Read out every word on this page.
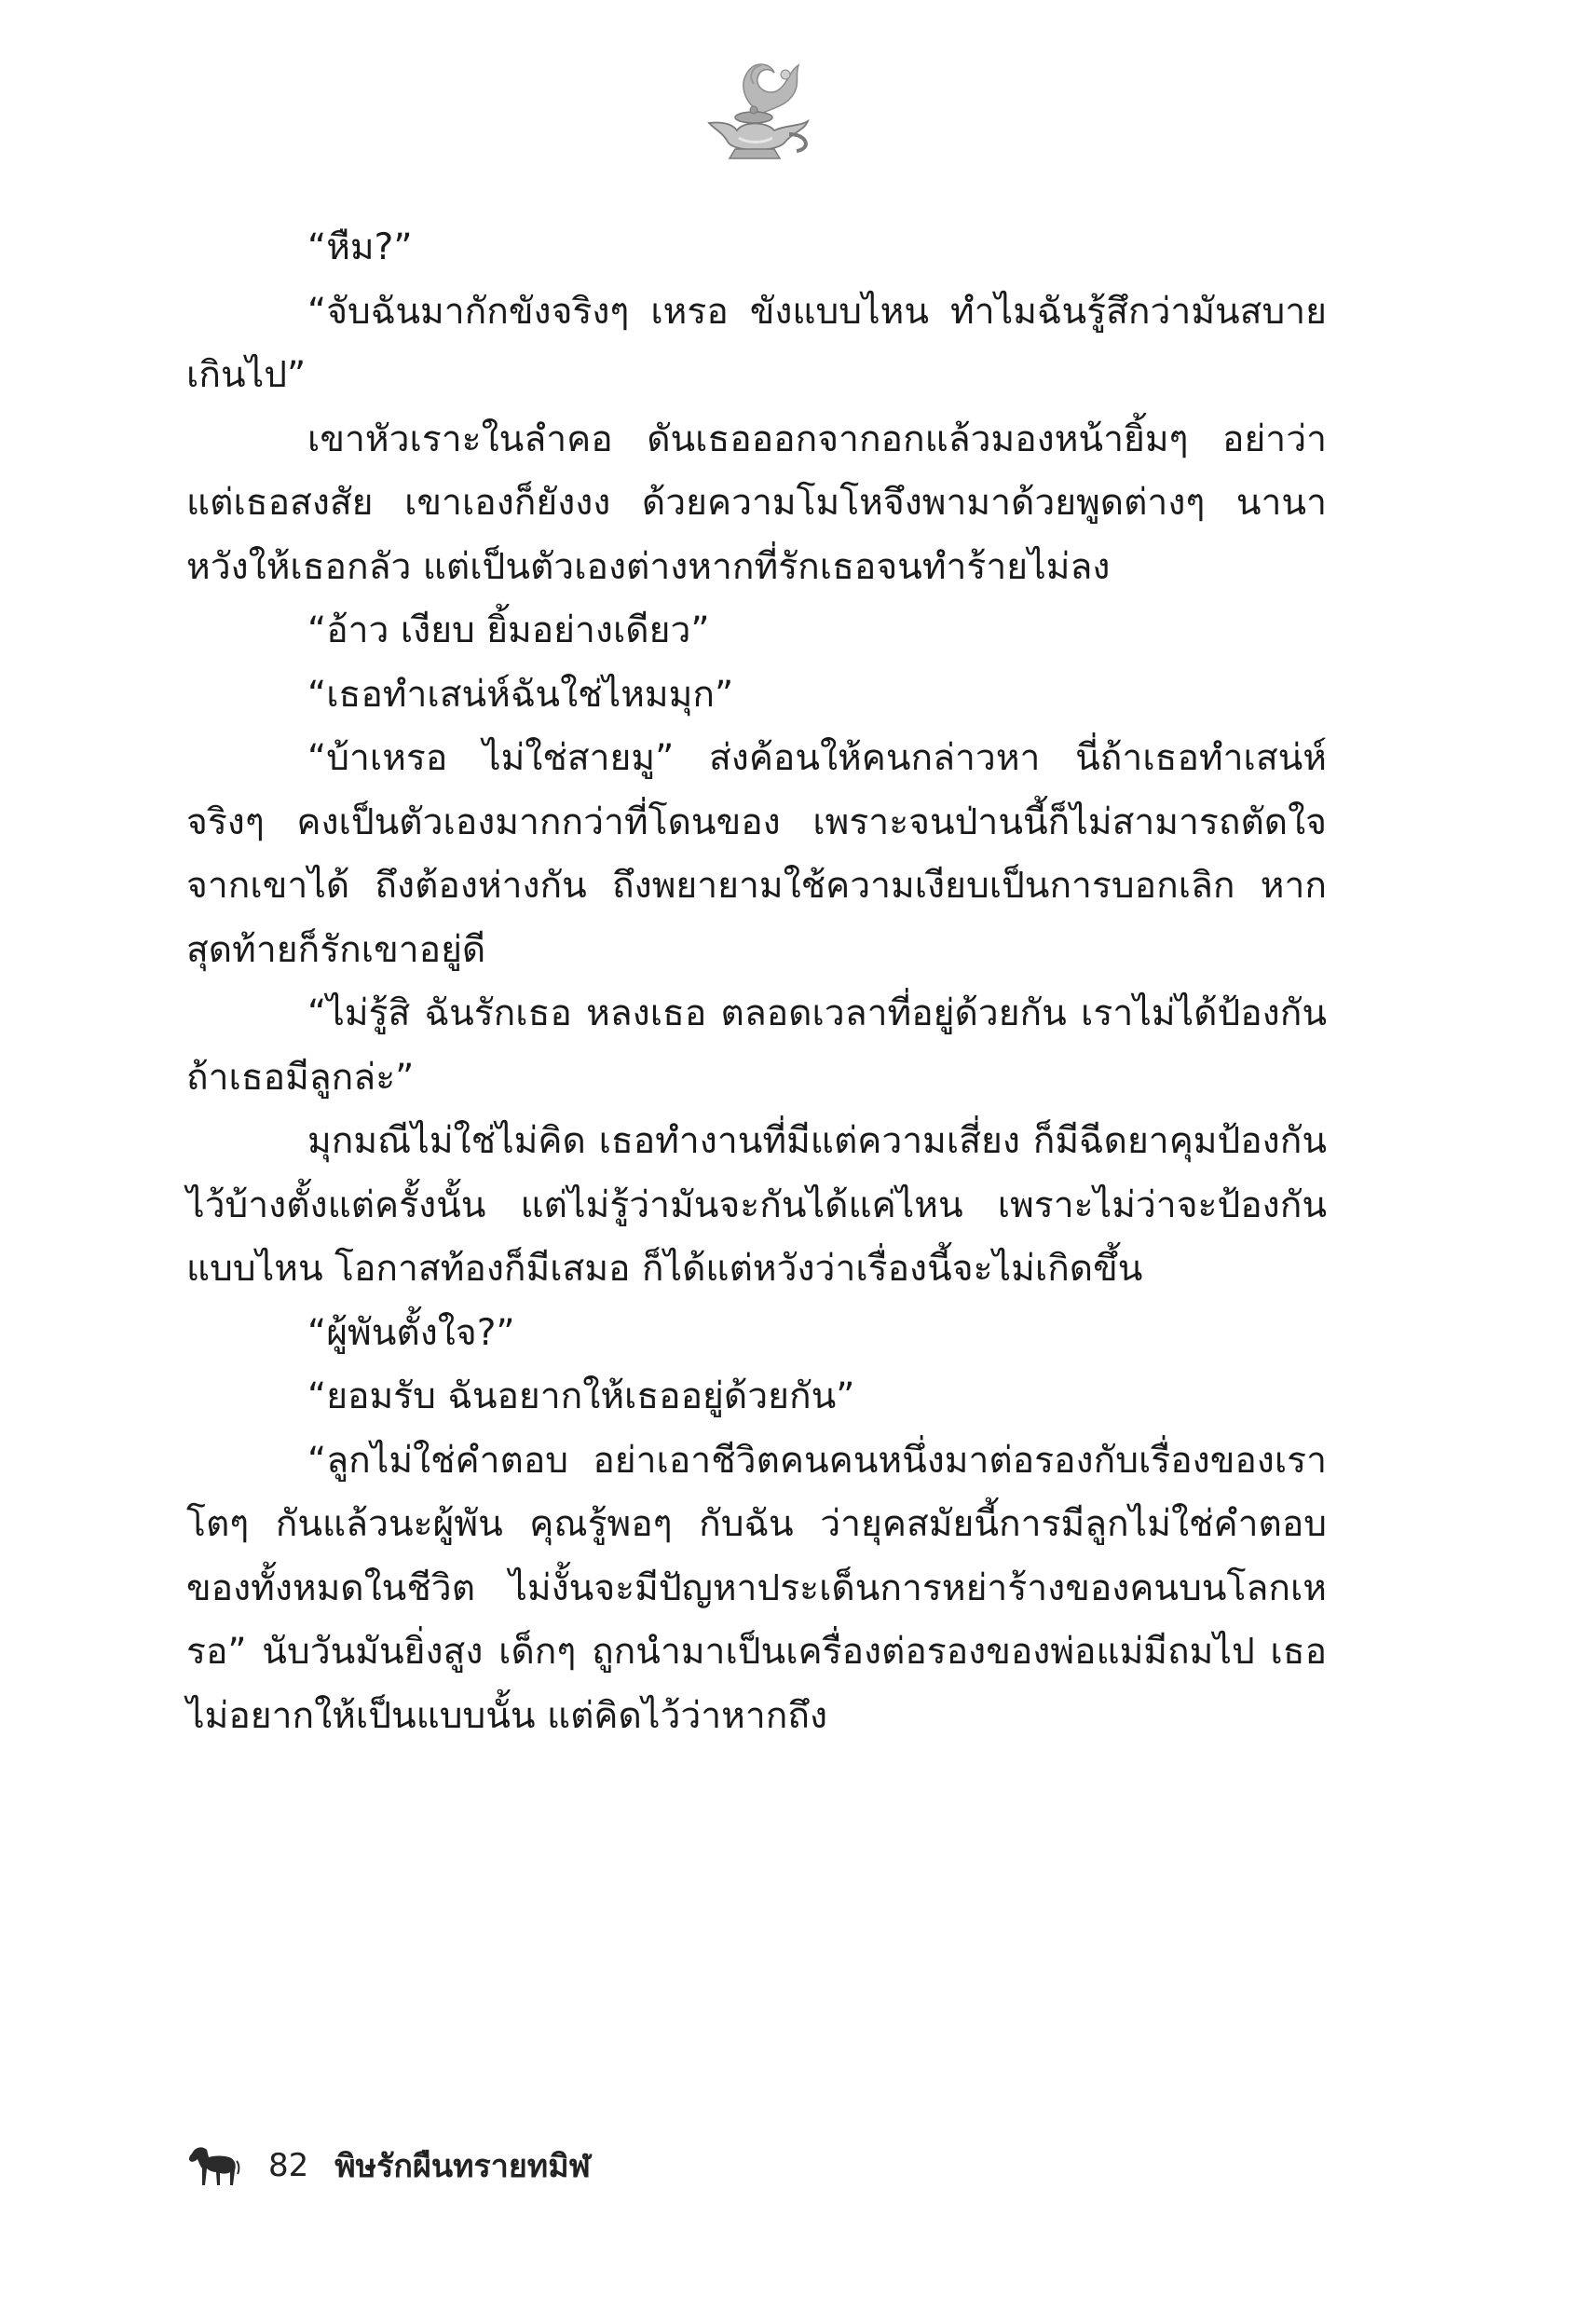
“หืม?”

“จับฉันมากักขังจริงๆ เหรอ ขังแบบไหน ทำไมฉันรู้สึกว่ามันสบายเกินไป”

เขาหัวเราะในลำคอ ดันเธอออกจากอกแล้วมองหน้ายิ้มๆ อย่าว่าแต่เธอสงสัย เขาเองก็ยังงง ด้วยความโมโหจึงพามาด้วยพูดต่างๆ นานาหวังให้เธอกลัว แต่เป็นตัวเองต่างหากที่รักเธอจนทำร้ายไม่ลง

“อ้าว เงียบ ยิ้มอย่างเดียว”

“เธอทำเสน่ห์ฉันใช่ไหมมุก”

“บ้าเหรอ ไม่ใช่สายมู” ส่งค้อนให้คนกล่าวหา นี่ถ้าเธอทำเสน่ห์จริงๆ คงเป็นตัวเองมากกว่าที่โดนของ เพราะจนป่านนี้ก็ไม่สามารถตัดใจจากเขาได้ ถึงต้องห่างกัน ถึงพยายามใช้ความเงียบเป็นการบอกเลิก หากสุดท้ายก็รักเขาอยู่ดี

“ไม่รู้สิ ฉันรักเธอ หลงเธอ ตลอดเวลาที่อยู่ด้วยกัน เราไม่ได้ป้องกัน ถ้าเธอมีลูกล่ะ”

มุกมณีไม่ใช่ไม่คิด เธอทำงานที่มีแต่ความเสี่ยง ก็มีฉีดยาคุมป้องกันไว้บ้างตั้งแต่ครั้งนั้น แต่ไม่รู้ว่ามันจะกันได้แค่ไหน เพราะไม่ว่าจะป้องกันแบบไหน โอกาสท้องก็มีเสมอ ก็ได้แต่หวังว่าเรื่องนี้จะไม่เกิดขึ้น

“ผู้พันตั้งใจ?”

“ยอมรับ ฉันอยากให้เธออยู่ด้วยกัน”

“ลูกไม่ใช่คำตอบ อย่าเอาชีวิตคนคนหนึ่งมาต่อรองกับเรื่องของเรา โตๆ กันแล้วนะผู้พัน คุณรู้พอๆ กับฉัน ว่ายุคสมัยนี้การมีลูกไม่ใช่คำตอบของทั้งหมดในชีวิต ไม่งั้นจะมีปัญหาประเด็นการหย่าร้างของคนบนโลกเหรอ” นับวันมันยิ่งสูง เด็กๆ ถูกนำมาเป็นเครื่องต่อรองของพ่อแม่มีถมไป เธอไม่อยากให้เป็นแบบนั้น แต่คิดไว้ว่าหากถึง

82 พิษรักผืนทรายทมิฬ
